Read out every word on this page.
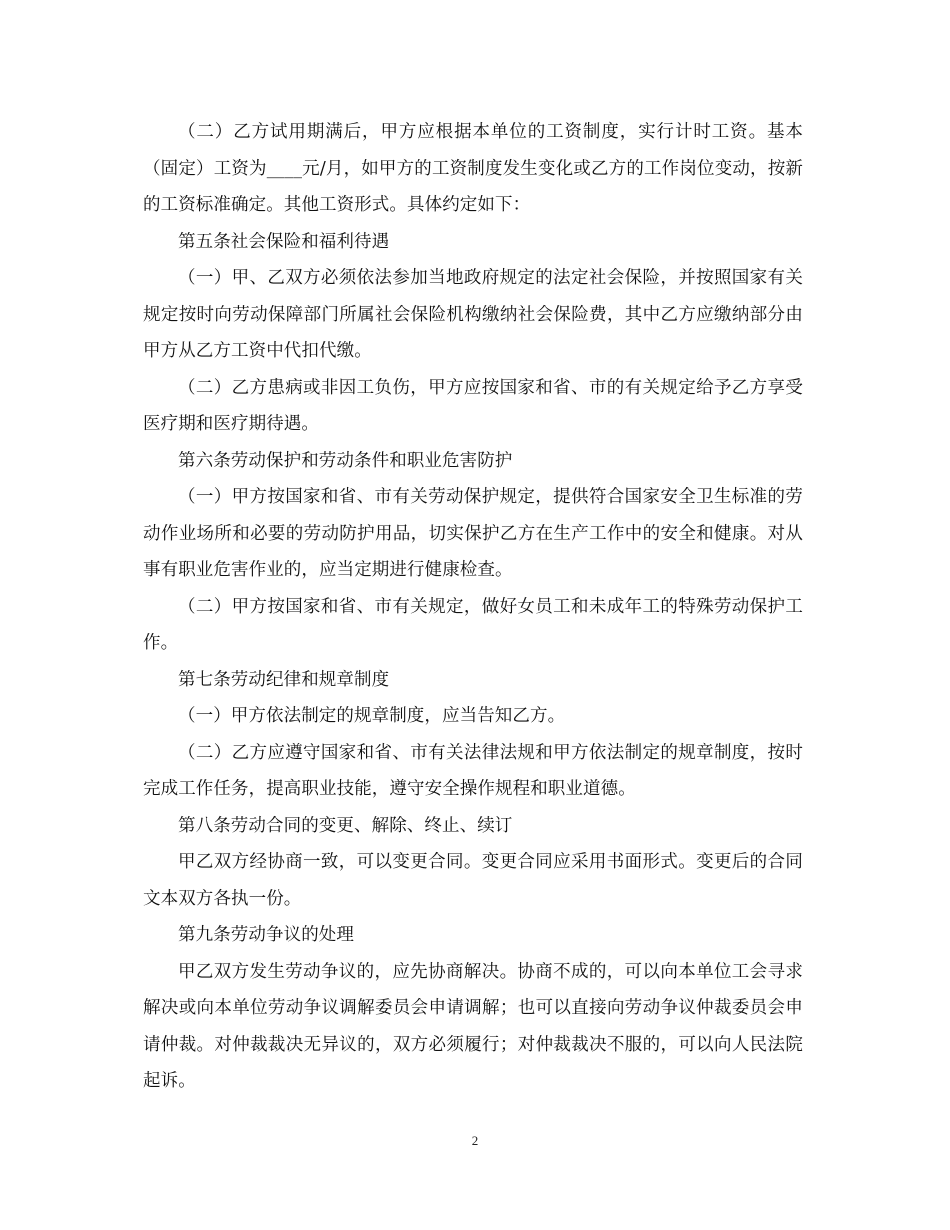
（二）乙方试用期满后，甲方应根据本单位的工资制度，实行计时工资。基本（固定）工资为____元/月，如甲方的工资制度发生变化或乙方的工作岗位变动，按新的工资标准确定。其他工资形式。具体约定如下：

第五条社会保险和福利待遇

（一）甲、乙双方必须依法参加当地政府规定的法定社会保险，并按照国家有关规定按时向劳动保障部门所属社会保险机构缴纳社会保险费，其中乙方应缴纳部分由甲方从乙方工资中代扣代缴。

（二）乙方患病或非因工负伤，甲方应按国家和省、市的有关规定给予乙方享受医疗期和医疗期待遇。

第六条劳动保护和劳动条件和职业危害防护

（一）甲方按国家和省、市有关劳动保护规定，提供符合国家安全卫生标准的劳动作业场所和必要的劳动防护用品，切实保护乙方在生产工作中的安全和健康。对从事有职业危害作业的，应当定期进行健康检查。

（二）甲方按国家和省、市有关规定，做好女员工和未成年工的特殊劳动保护工作。

第七条劳动纪律和规章制度

（一）甲方依法制定的规章制度，应当告知乙方。

（二）乙方应遵守国家和省、市有关法律法规和甲方依法制定的规章制度，按时完成工作任务，提高职业技能，遵守安全操作规程和职业道德。

第八条劳动合同的变更、解除、终止、续订

甲乙双方经协商一致，可以变更合同。变更合同应采用书面形式。变更后的合同文本双方各执一份。

第九条劳动争议的处理

甲乙双方发生劳动争议的，应先协商解决。协商不成的，可以向本单位工会寻求解决或向本单位劳动争议调解委员会申请调解；也可以直接向劳动争议仲裁委员会申请仲裁。对仲裁裁决无异议的，双方必须履行；对仲裁裁决不服的，可以向人民法院起诉。

2
